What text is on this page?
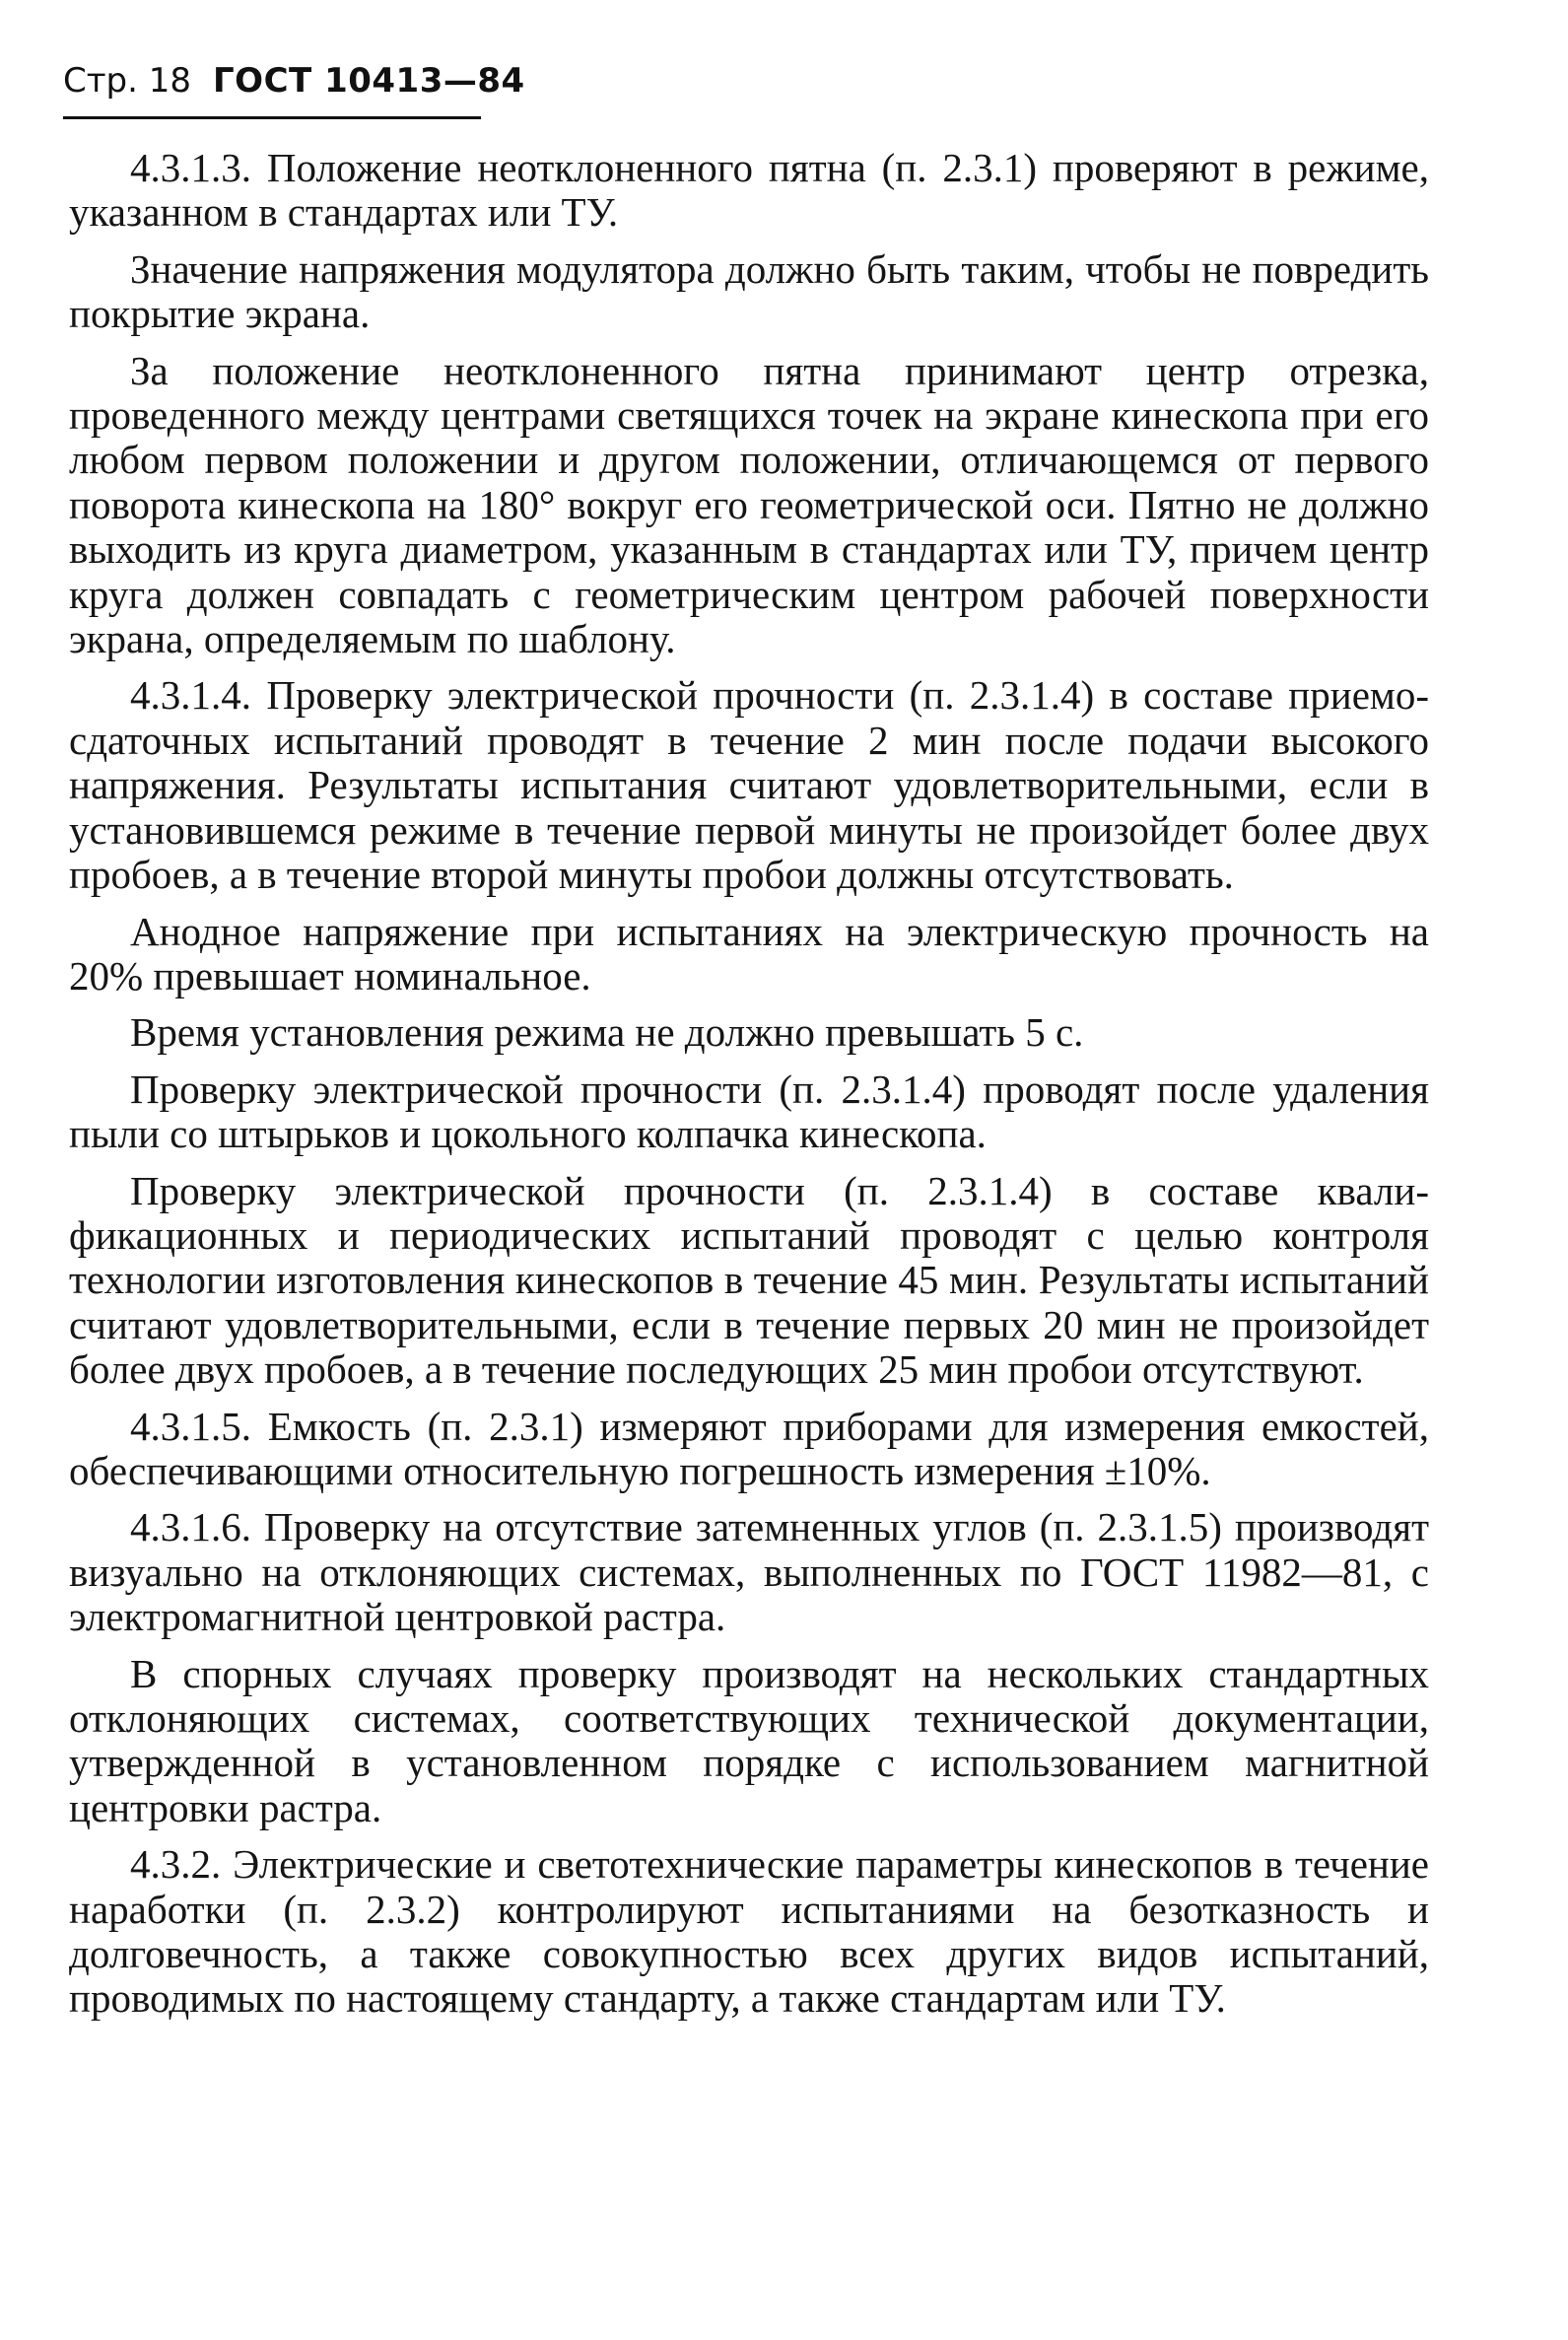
Стр. 18 ГОСТ 10413—84

4.3.1.3. Положение неотклоненного пятна (п. 2.3.1) проверяют в режиме, указанном в стандартах или ТУ.

Значение напряжения модулятора должно быть таким, чтобы не повредить покрытие экрана.

За положение неотклоненного пятна принимают центр отрезка, проведенного между центрами светящихся точек на экране кинескопа при его любом первом положении и другом положении, отличающемся от первого поворота кинескопа на 180° вокруг его геометрической оси. Пятно не должно выходить из круга диаметром, указанным в стандартах или ТУ, причем центр круга должен совпадать с геометрическим центром рабочей поверхности экрана, определяемым по шаблону.

4.3.1.4. Проверку электрической прочности (п. 2.3.1.4) в составе приемо-сдаточных испытаний проводят в течение 2 мин после подачи высокого напряжения. Результаты испытания считают удовлетворительными, если в установившемся режиме в течение первой минуты не произойдет более двух пробоев, а в течение второй минуты пробои должны отсутствовать.

Анодное напряжение при испытаниях на электрическую прочность на 20% превышает номинальное.

Время установления режима не должно превышать 5 с.

Проверку электрической прочности (п. 2.3.1.4) проводят после удаления пыли со штырьков и цокольного колпачка кинескопа.

Проверку электрической прочности (п. 2.3.1.4) в составе квалификационных и периодических испытаний проводят с целью контроля технологии изготовления кинескопов в течение 45 мин. Результаты испытаний считают удовлетворительными, если в течение первых 20 мин не произойдет более двух пробоев, а в течение последующих 25 мин пробои отсутствуют.

4.3.1.5. Емкость (п. 2.3.1) измеряют приборами для измерения емкостей, обеспечивающими относительную погрешность измерения ±10%.

4.3.1.6. Проверку на отсутствие затемненных углов (п. 2.3.1.5) производят визуально на отклоняющих системах, выполненных по ГОСТ 11982—81, с электромагнитной центровкой растра.

В спорных случаях проверку производят на нескольких стандартных отклоняющих системах, соответствующих технической документации, утвержденной в установленном порядке с использованием магнитной центровки растра.

4.3.2. Электрические и светотехнические параметры кинескопов в течение наработки (п. 2.3.2) контролируют испытаниями на безотказность и долговечность, а также совокупностью всех других видов испытаний, проводимых по настоящему стандарту, а также стандартам или ТУ.
